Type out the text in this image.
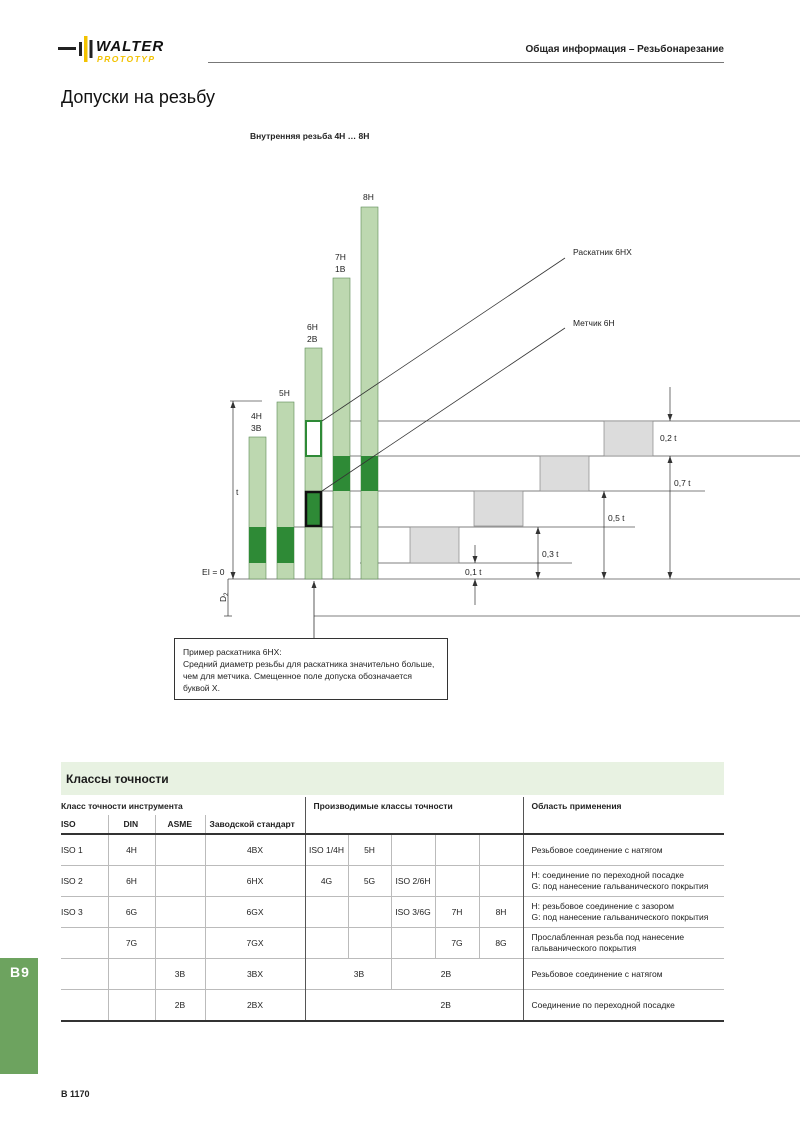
WALTER
PROTOTYP
Общая информация – Резьбонарезание
Допуски на резьбу
Внутренняя резьба 4H … 8H
4H
3B
5H
6H
2B
7H
1B
8H
Раскатник 6HX
Метчик 6H
t
EI = 0
$D_2$
0,1 t
0,3 t
0,5 t
0,7 t
0,2 t
Пример раскатника 6HX:
Средний диаметр резьбы для раскатника значительно больше,
чем для метчика. Смещенное поле допуска обозначается
буквой X.
Классы точности
Класс точности инструмента				Производимые классы точности					Область применения
ISO	DIN	ASME	Заводской стандарт						
ISO 1	4H		4BX	ISO 1/4H	5H				Резьбовое соединение с натягом

ISO 2	6H		6HX	4G	5G	ISO 2/6H			H: соединение по переходной посадке
G: под нанесение гальванического покрытия

ISO 3	6G		6GX			ISO 3/6G	7H	8H	H: резьбовое соединение с зазором
G: под нанесение гальванического покрытия

	7G		7GX				7G	8G	Прослабленная резьба под нанесение
гальванического покрытия

		3B	3BX	3B		2B			Резьбовое соединение с натягом

		2B	2BX			2B			Соединение по переходной посадке
B9
B 1170
